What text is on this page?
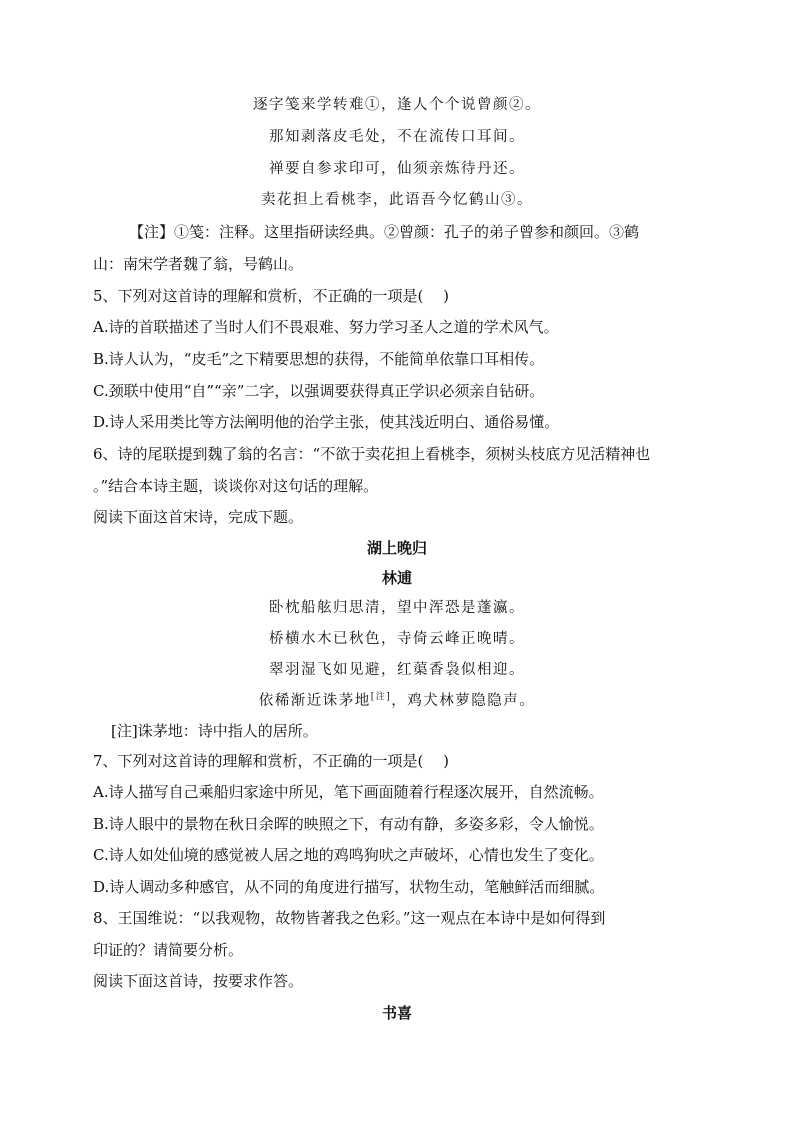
逐字笺来学转难①，逢人个个说曾颜②。
那知剥落皮毛处，不在流传口耳间。
禅要自参求印可，仙须亲炼待丹还。
卖花担上看桃李，此语吾今忆鹤山③。
【注】①笺：注释。这里指研读经典。②曾颜：孔子的弟子曾参和颜回。③鹤
山：南宋学者魏了翁，号鹤山。
5、下列对这首诗的理解和赏析，不正确的一项是(　 )
A.诗的首联描述了当时人们不畏艰难、努力学习圣人之道的学术风气。
B.诗人认为，“皮毛”之下精要思想的获得，不能简单依靠口耳相传。
C.颈联中使用“自”“亲”二字，以强调要获得真正学识必须亲自钻研。
D.诗人采用类比等方法阐明他的治学主张，使其浅近明白、通俗易懂。
6、诗的尾联提到魏了翁的名言：“不欲于卖花担上看桃李，须树头枝底方见活精神也
。”结合本诗主题，谈谈你对这句话的理解。
阅读下面这首宋诗，完成下题。
湖上晚归
林逋
卧枕船舷归思清，望中浑恐是蓬瀛。
桥横水木已秋色，寺倚云峰正晚晴。
翠羽湿飞如见避，红蕖香袅似相迎。
依稀渐近诛茅地[注]，鸡犬林萝隐隐声。
[注]诛茅地：诗中指人的居所。
7、下列对这首诗的理解和赏析，不正确的一项是(　 )
A.诗人描写自己乘船归家途中所见，笔下画面随着行程逐次展开，自然流畅。
B.诗人眼中的景物在秋日余晖的映照之下，有动有静，多姿多彩，令人愉悦。
C.诗人如处仙境的感觉被人居之地的鸡鸣狗吠之声破坏，心情也发生了变化。
D.诗人调动多种感官，从不同的角度进行描写，状物生动，笔触鲜活而细腻。
8、王国维说：“以我观物，故物皆著我之色彩。”这一观点在本诗中是如何得到
印证的？请简要分析。
阅读下面这首诗，按要求作答。
书喜
